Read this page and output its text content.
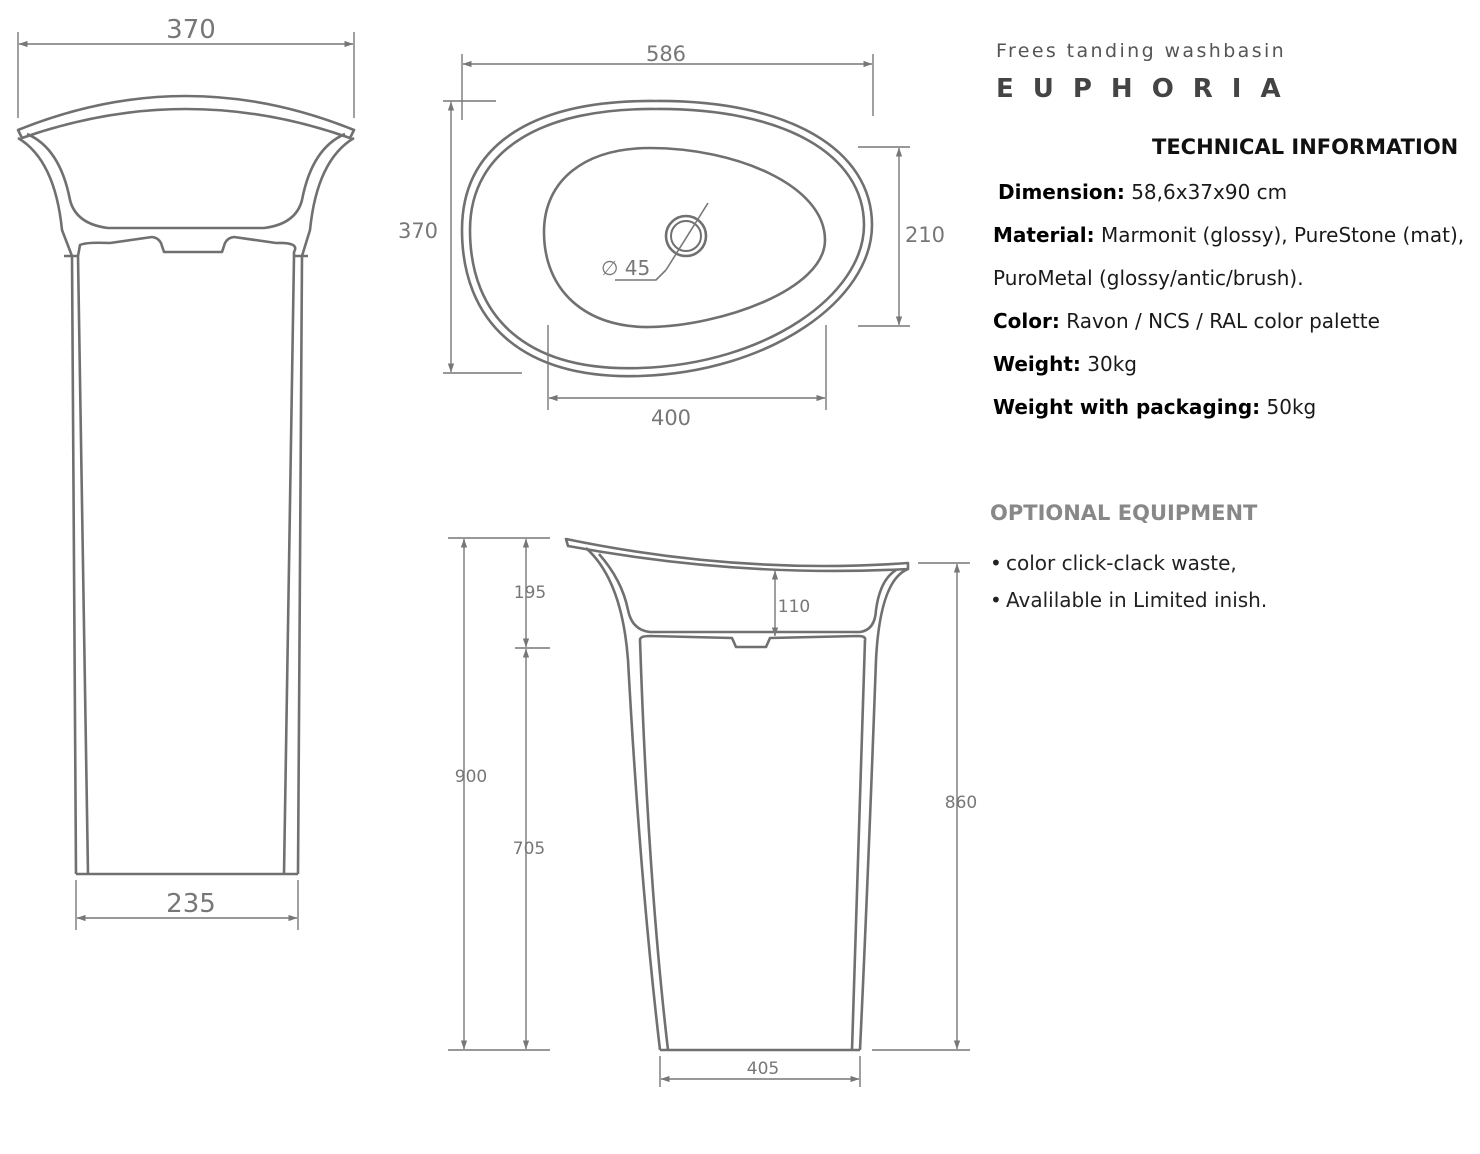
370
235
586
370	210
400
∅ 45
900
195
705
110
860
405
Frees tanding washbasin
EUPHORIA
TECHNICAL INFORMATION
Dimension: 58,6x37x90 cm
Material: Marmonit (glossy), PureStone (mat),
PuroMetal (glossy/antic/brush).
Color: Ravon / NCS / RAL color palette
Weight: 30kg
Weight with packaging: 50kg
OPTIONAL EQUIPMENT
• color click-clack waste,
• Avalilable in Limited inish.
